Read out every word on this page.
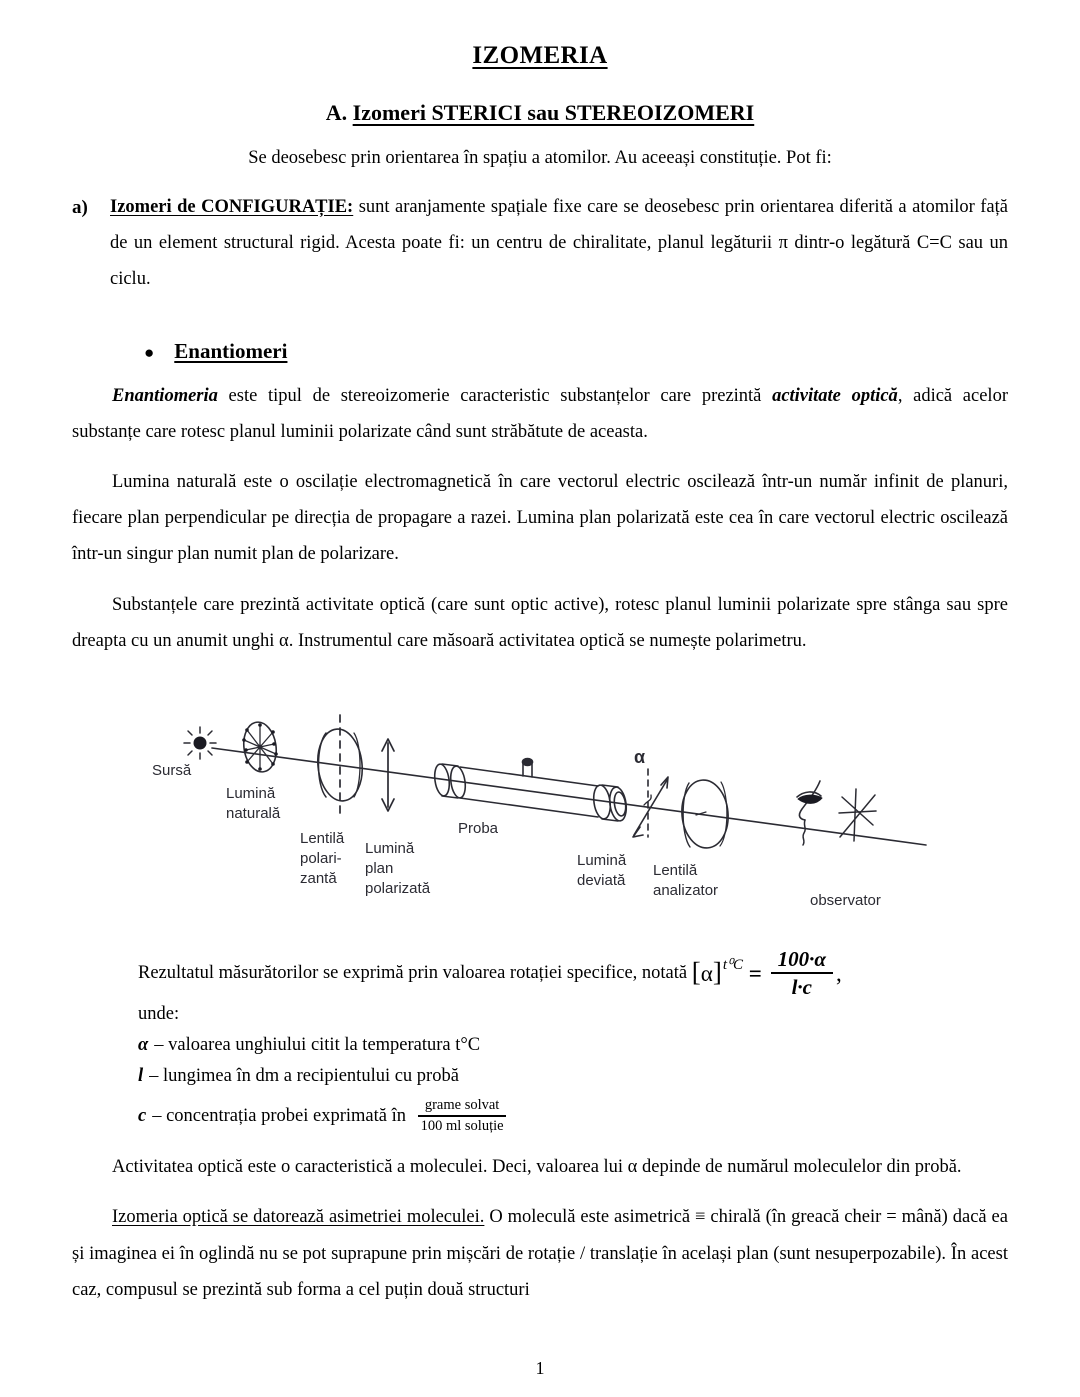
IZOMERIA
A. Izomeri STERICI sau STEREOIZOMERI

Se deosebesc prin orientarea în spațiu a atomilor. Au aceeași constituție. Pot fi:

a) Izomeri de CONFIGURAȚIE: sunt aranjamente spațiale fixe care se deosebesc prin orientarea diferită a atomilor față de un element structural rigid. Acesta poate fi: un centru de chiralitate, planul legăturii π dintr-o legătură C=C sau un ciclu.
● Enantiomeri

Enantiomeria este tipul de stereoizomerie caracteristic substanțelor care prezintă activitate optică, adică acelor substanțe care rotesc planul luminii polarizate când sunt străbătute de aceasta.

Lumina naturală este o oscilație electromagnetică în care vectorul electric oscilează într-un număr infinit de planuri, fiecare plan perpendicular pe direcția de propagare a razei. Lumina plan polarizată este cea în care vectorul electric oscilează într-un singur plan numit plan de polarizare.

Substanțele care prezintă activitate optică (care sunt optic active), rotesc planul luminii polarizate spre stânga sau spre dreapta cu un anumit unghi α. Instrumentul care măsoară activitatea optică se numește polarimetru.

Sursă
Lumină
naturală
Lentilă
polari-
zantă
Lumină
plan
polarizată
Proba
Lumină
deviată
Lentilă
analizator
α
observator
Rezultatul măsurătorilor se exprimă prin valoarea rotației specifice, notată
[ α ] t⁰C
=
$\frac{100\cdot\alpha}{l\cdot c}$ ,
unde:
α – valoarea unghiului citit la temperatura t°C
l – lungimea în dm a recipientului cu probă
c – concentrația probei exprimată în
$\frac{\text{grame solvat}}{\text{100 ml soluție}}$

Activitatea optică este o caracteristică a moleculei. Deci, valoarea lui α depinde de numărul moleculelor din probă.

Izomeria optică se datorează asimetriei moleculei. O moleculă este asimetrică ≡ chirală (în greacă cheir = mână) dacă ea și imaginea ei în oglindă nu se pot suprapune prin mișcări de rotație / translație în același plan (sunt nesuperpozabile). În acest caz, compusul se prezintă sub forma a cel puțin două structuri

1
